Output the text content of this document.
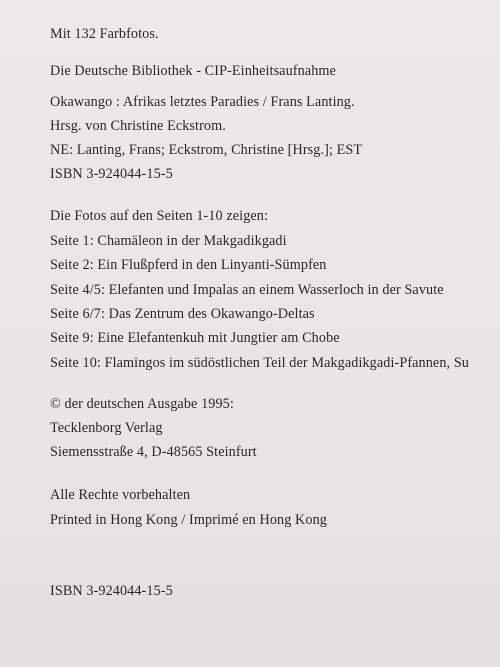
Mit 132 Farbfotos.
Die Deutsche Bibliothek - CIP-Einheitsaufnahme
Okawango : Afrikas letztes Paradies / Frans Lanting.
Hrsg. von Christine Eckstrom.
NE: Lanting, Frans; Eckstrom, Christine [Hrsg.]; EST
ISBN 3-924044-15-5
Die Fotos auf den Seiten 1-10 zeigen:
Seite 1: Chamäleon in der Makgadikgadi
Seite 2: Ein Flußpferd in den Linyanti-Sümpfen
Seite 4/5: Elefanten und Impalas an einem Wasserloch in der Savute
Seite 6/7: Das Zentrum des Okawango-Deltas
Seite 9: Eine Elefantenkuh mit Jungtier am Chobe
Seite 10: Flamingos im südöstlichen Teil der Makgadikgadi-Pfannen, Su
© der deutschen Ausgabe 1995:
Tecklenborg Verlag
Siemensstraße 4, D-48565 Steinfurt
Alle Rechte vorbehalten
Printed in Hong Kong / Imprimé en Hong Kong
ISBN 3-924044-15-5
